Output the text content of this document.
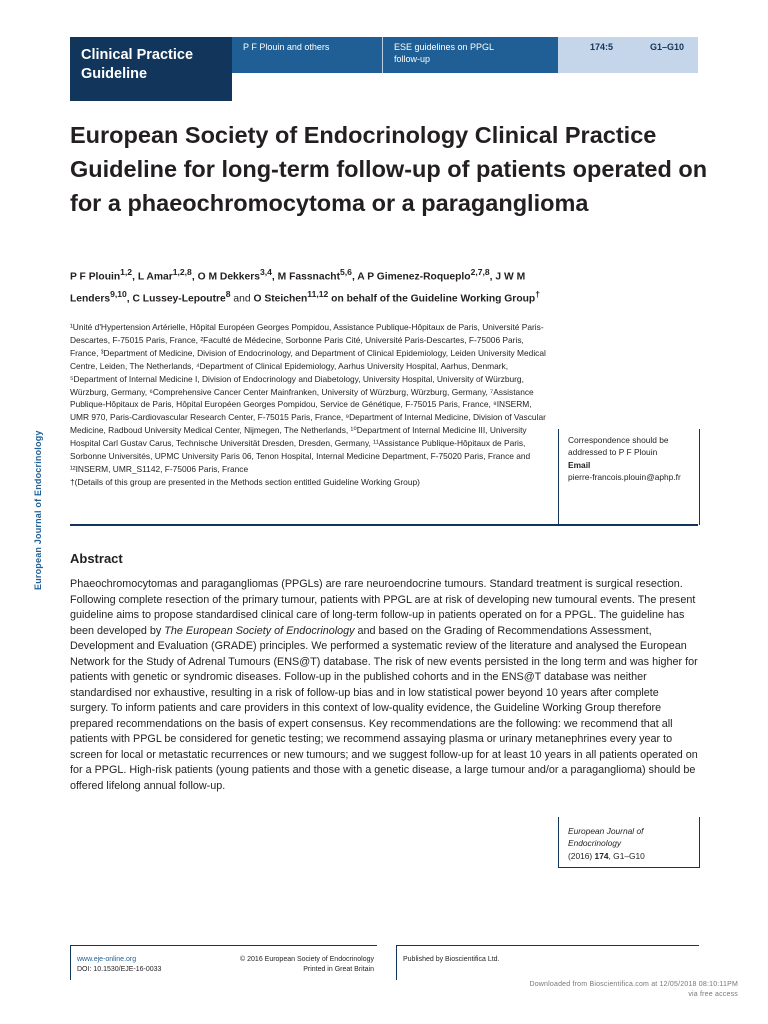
Clinical Practice Guideline
P F Plouin and others	ESE guidelines on PPGL follow-up
174:5	G1–G10
European Journal of Endocrinology
European Society of Endocrinology Clinical Practice Guideline for long-term follow-up of patients operated on for a phaeochromocytoma or a paraganglioma
P F Plouin$^{1,2}$, L Amar$^{1,2,8}$, O M Dekkers$^{3,4}$, M Fassnacht$^{5,6}$, A P Gimenez-Roqueplo$^{2,7,8}$, J W M Lenders$^{9,10}$, C Lussey-Lepoutre$^8$ and O Steichen$^{11,12}$ on behalf of the Guideline Working Group†

¹Unité d'Hypertension Artérielle, Hôpital Européen Georges Pompidou, Assistance Publique-Hôpitaux de Paris, Université Paris-Descartes, F-75015 Paris, France, ²Faculté de Médecine, Sorbonne Paris Cité, Université Paris-Descartes, F-75006 Paris, France, ³Department of Medicine, Division of Endocrinology, and Department of Clinical Epidemiology, Leiden University Medical Centre, Leiden, The Netherlands, ⁴Department of Clinical Epidemiology, Aarhus University Hospital, Aarhus, Denmark, ⁵Department of Internal Medicine I, Division of Endocrinology and Diabetology, University Hospital, University of Würzburg, Würzburg, Germany, ⁶Comprehensive Cancer Center Mainfranken, University of Würzburg, Würzburg, Germany, ⁷Assistance Publique-Hôpitaux de Paris, Hôpital Européen Georges Pompidou, Service de Génétique, F-75015 Paris, France, ⁸INSERM, UMR 970, Paris-Cardiovascular Research Center, F-75015 Paris, France, ⁹Department of Internal Medicine, Division of Vascular Medicine, Radboud University Medical Center, Nijmegen, The Netherlands, ¹⁰Department of Internal Medicine III, University Hospital Carl Gustav Carus, Technische Universität Dresden, Dresden, Germany, ¹¹Assistance Publique-Hôpitaux de Paris, Sorbonne Universités, UPMC University Paris 06, Tenon Hospital, Internal Medicine Department, F-75020 Paris, France and ¹²INSERM, UMR_S1142, F-75006 Paris, France

†(Details of this group are presented in the Methods section entitled Guideline Working Group)

Correspondence should be addressed to P F Plouin
Email
pierre-francois.plouin@aphp.fr
Abstract
Phaeochromocytomas and paragangliomas (PPGLs) are rare neuroendocrine tumours. Standard treatment is surgical resection. Following complete resection of the primary tumour, patients with PPGL are at risk of developing new tumoural events. The present guideline aims to propose standardised clinical care of long-term follow-up in patients operated on for a PPGL. The guideline has been developed by The European Society of Endocrinology and based on the Grading of Recommendations Assessment, Development and Evaluation (GRADE) principles. We performed a systematic review of the literature and analysed the European Network for the Study of Adrenal Tumours (ENS@T) database. The risk of new events persisted in the long term and was higher for patients with genetic or syndromic diseases. Follow-up in the published cohorts and in the ENS@T database was neither standardised nor exhaustive, resulting in a risk of follow-up bias and in low statistical power beyond 10 years after complete surgery. To inform patients and care providers in this context of low-quality evidence, the Guideline Working Group therefore prepared recommendations on the basis of expert consensus. Key recommendations are the following: we recommend that all patients with PPGL be considered for genetic testing; we recommend assaying plasma or urinary metanephrines every year to screen for local or metastatic recurrences or new tumours; and we suggest follow-up for at least 10 years in all patients operated on for a PPGL. High-risk patients (young patients and those with a genetic disease, a large tumour and/or a paraganglioma) should be offered lifelong annual follow-up.
European Journal of Endocrinology
(2016) 174, G1–G10
www.eje-online.org
DOI: 10.1530/EJE-16-0033
© 2016 European Society of Endocrinology
Printed in Great Britain
Published by Bioscientifica Ltd.
Downloaded from Bioscientifica.com at 12/05/2018 08:10:11PM
via free access
